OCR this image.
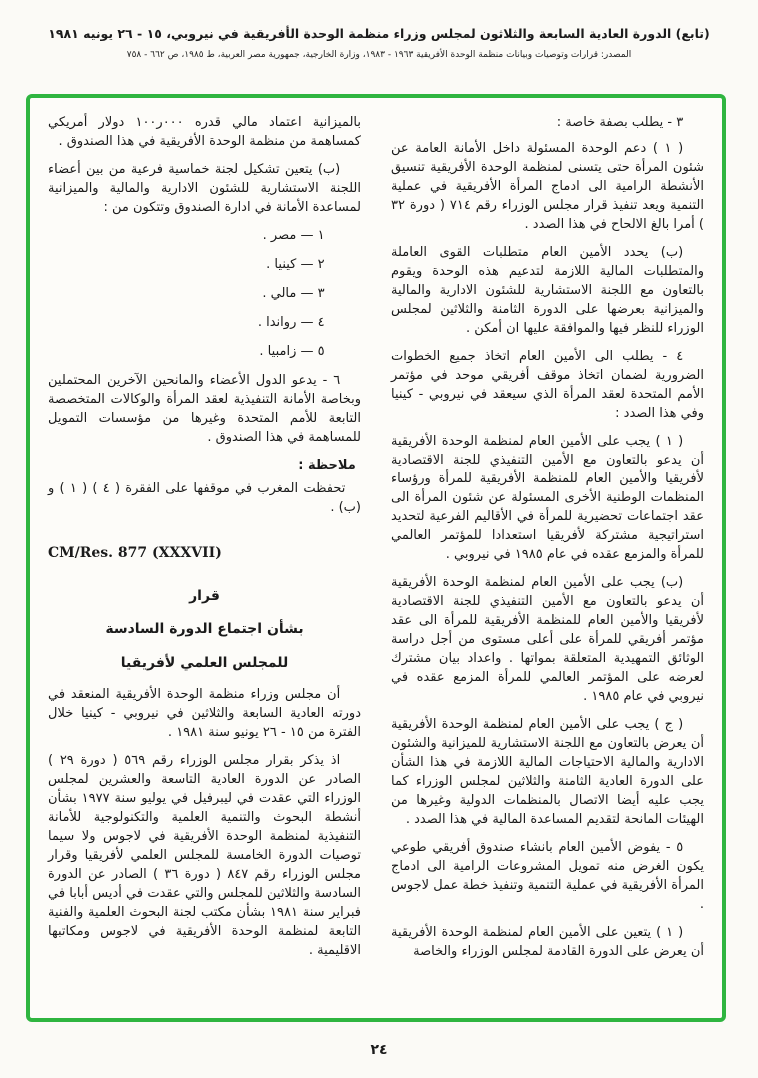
(تابع) الدورة العادية السابعة والثلاثون لمجلس وزراء منظمة الوحدة الأفريقية في نيروبي، ١٥ - ٢٦ يونيه ١٩٨١
المصدر: قرارات وتوصيات وبيانات منظمة الوحدة الأفريقية ١٩٦٣ - ١٩٨٣، وزارة الخارجية، جمهورية مصر العربية، ط ١٩٨٥، ص ٦٦٢ - ٧٥٨

٣ - يطلب بصفة خاصة :

( ١ ) دعم الوحدة المسئولة داخل الأمانة العامة عن شئون المرأة حتى يتسنى لمنظمة الوحدة الأفريقية تنسيق الأنشطة الرامية الى ادماج المرأة الأفريقية في عملية التنمية ويعد تنفيذ قرار مجلس الوزراء رقم ٧١٤ ( دورة ٣٢ ) أمرا بالغ الالحاح في هذا الصدد .

(ب) يحدد الأمين العام متطلبات القوى العاملة والمتطلبات المالية اللازمة لتدعيم هذه الوحدة ويقوم بالتعاون مع اللجنة الاستشارية للشئون الادارية والمالية والميزانية بعرضها على الدورة الثامنة والثلاثين لمجلس الوزراء للنظر فيها والموافقة عليها ان أمكن .

٤ - يطلب الى الأمين العام اتخاذ جميع الخطوات الضرورية لضمان اتخاذ موقف أفريقي موحد في مؤتمر الأمم المتحدة لعقد المرأة الذي سيعقد في نيروبي - كينيا وفي هذا الصدد :

( ١ ) يجب على الأمين العام لمنظمة الوحدة الأفريقية أن يدعو بالتعاون مع الأمين التنفيذي للجنة الاقتصادية لأفريقيا والأمين العام للمنظمة الأفريقية للمرأة ورؤساء المنظمات الوطنية الأخرى المسئولة عن شئون المرأة الى عقد اجتماعات تحضيرية للمرأة في الأقاليم الفرعية لتحديد استراتيجية مشتركة لأفريقيا استعدادا للمؤتمر العالمي للمرأة والمزمع عقده في عام ١٩٨٥ في نيروبي .

(ب) يجب على الأمين العام لمنظمة الوحدة الأفريقية أن يدعو بالتعاون مع الأمين التنفيذي للجنة الاقتصادية لأفريقيا والأمين العام للمنظمة الأفريقية للمرأة الى عقد مؤتمر أفريقي للمرأة على أعلى مستوى من أجل دراسة الوثائق التمهيدية المتعلقة بمواتها . واعداد بيان مشترك لعرضه على المؤتمر العالمي للمرأة المزمع عقده في نيروبي في عام ١٩٨٥ .

( ج ) يجب على الأمين العام لمنظمة الوحدة الأفريقية أن يعرض بالتعاون مع اللجنة الاستشارية للميزانية والشئون الادارية والمالية الاحتياجات المالية اللازمة في هذا الشأن على الدورة العادية الثامنة والثلاثين لمجلس الوزراء كما يجب عليه أيضا الاتصال بالمنظمات الدولية وغيرها من الهيئات المانحة لتقديم المساعدة المالية في هذا الصدد .

٥ - يفوض الأمين العام بانشاء صندوق أفريقي طوعي يكون الغرض منه تمويل المشروعات الرامية الى ادماج المرأة الأفريقية في عملية التنمية وتنفيذ خطة عمل لاجوس .

( ١ ) يتعين على الأمين العام لمنظمة الوحدة الأفريقية أن يعرض على الدورة القادمة لمجلس الوزراء والخاصة

بالميزانية اعتماد مالي قدره ٠٠٠ر١٠٠ دولار أمريكي كمساهمة من منظمة الوحدة الأفريقية في هذا الصندوق .

(ب) يتعين تشكيل لجنة خماسية فرعية من بين أعضاء اللجنة الاستشارية للشئون الادارية والمالية والميزانية لمساعدة الأمانة في ادارة الصندوق وتتكون من :

١ — مصر .

٢ — كينيا .

٣ — مالي .

٤ — رواندا .

٥ — زامبيا .

٦ - يدعو الدول الأعضاء والمانحين الآخرين المحتملين وبخاصة الأمانة التنفيذية لعقد المرأة والوكالات المتخصصة التابعة للأمم المتحدة وغيرها من مؤسسات التمويل للمساهمة في هذا الصندوق .

ملاحظة :

تحفظت المغرب في موقفها على الفقرة ( ٤ ) ( ١ ) و (ب) .

CM/Res. 877 (XXXVII)
قرار
بشأن اجتماع الدورة السادسة
للمجلس العلمي لأفريقيا

أن مجلس وزراء منظمة الوحدة الأفريقية المنعقد في دورته العادية السابعة والثلاثين في نيروبي - كينيا خلال الفترة من ١٥ - ٢٦ يونيو سنة ١٩٨١ .

اذ يذكر بقرار مجلس الوزراء رقم ٥٦٩ ( دورة ٢٩ ) الصادر عن الدورة العادية التاسعة والعشرين لمجلس الوزراء التي عقدت في ليبرفيل في يوليو سنة ١٩٧٧ بشأن أنشطة البحوث والتنمية العلمية والتكنولوجية للأمانة التنفيذية لمنظمة الوحدة الأفريقية في لاجوس ولا سيما توصيات الدورة الخامسة للمجلس العلمي لأفريقيا وقرار مجلس الوزراء رقم ٨٤٧ ( دورة ٣٦ ) الصادر عن الدورة السادسة والثلاثين للمجلس والتي عقدت في أديس أبابا في فبراير سنة ١٩٨١ بشأن مكتب لجنة البحوث العلمية والفنية التابعة لمنظمة الوحدة الأفريقية في لاجوس ومكاتبها الاقليمية .

٢٤
